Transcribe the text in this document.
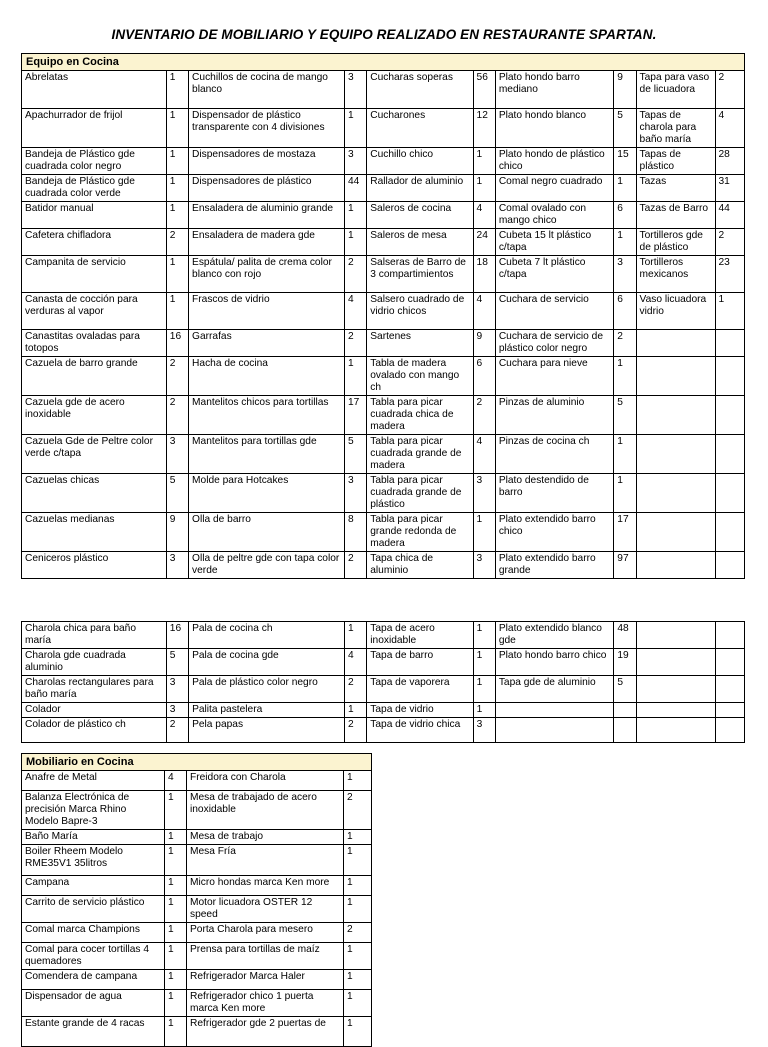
INVENTARIO DE MOBILIARIO Y EQUIPO REALIZADO EN RESTAURANTE SPARTAN.
Equipo en Cocina									
Abrelatas	1	Cuchillos de cocina de mango blanco	3	Cucharas soperas	56	Plato hondo barro mediano	9	Tapa para vaso de licuadora	2
Apachurrador de frijol	1	Dispensador de plástico transparente con 4 divisiones	1	Cucharones	12	Plato hondo blanco	5	Tapas de charola para baño maría	4
Bandeja de Plástico gde cuadrada color negro	1	Dispensadores de mostaza	3	Cuchillo chico	1	Plato hondo de plástico chico	15	Tapas de plástico	28
Bandeja de Plástico gde cuadrada color verde	1	Dispensadores de plástico	44	Rallador de aluminio	1	Comal negro cuadrado	1	Tazas	31
Batidor manual	1	Ensaladera de aluminio grande	1	Saleros de cocina	4	Comal ovalado con mango chico	6	Tazas de Barro	44
Cafetera chifladora	2	Ensaladera de madera gde	1	Saleros de mesa	24	Cubeta 15 lt plástico c/tapa	1	Tortilleros gde de plástico	2
Campanita de servicio	1	Espátula/ palita de crema color blanco con rojo	2	Salseras de Barro de 3 compartimientos	18	Cubeta 7 lt plástico c/tapa	3	Tortilleros mexicanos	23
Canasta de cocción para verduras al vapor	1	Frascos de vidrio	4	Salsero cuadrado de vidrio chicos	4	Cuchara de servicio	6	Vaso licuadora vidrio	1
Canastitas ovaladas para totopos	16	Garrafas	2	Sartenes	9	Cuchara de servicio de plástico color negro	2		
Cazuela de barro grande	2	Hacha de cocina	1	Tabla de madera ovalado con mango ch	6	Cuchara para nieve	1		
Cazuela gde de acero inoxidable	2	Mantelitos chicos para tortillas	17	Tabla para picar cuadrada chica de madera	2	Pinzas de aluminio	5		
Cazuela Gde de Peltre color verde c/tapa	3	Mantelitos para tortillas gde	5	Tabla para picar cuadrada grande de madera	4	Pinzas de cocina ch	1		
Cazuelas chicas	5	Molde para Hotcakes	3	Tabla para picar cuadrada grande de plástico	3	Plato destendido de barro	1		
Cazuelas medianas	9	Olla de barro	8	Tabla para picar grande redonda de madera	1	Plato extendido barro chico	17		
Ceniceros plástico	3	Olla de peltre gde con tapa color verde	2	Tapa chica de aluminio	3	Plato extendido barro grande	97		
Charola chica para baño maría	16	Pala de cocina ch	1	Tapa de acero inoxidable	1	Plato extendido blanco gde	48		
Charola gde cuadrada aluminio	5	Pala de cocina gde	4	Tapa de barro	1	Plato hondo barro chico	19		
Charolas rectangulares para baño maría	3	Pala de plástico color negro	2	Tapa de vaporera	1	Tapa gde de aluminio	5		
Colador	3	Palita pastelera	1	Tapa de vidrio	1				
Colador de plástico ch	2	Pela papas	2	Tapa de vidrio chica	3				
Mobiliario en Cocina			
Anafre de Metal	4	Freidora con Charola	1
Balanza Electrónica de precisión Marca Rhino Modelo Bapre-3	1	Mesa de trabajado de acero inoxidable	2
Baño María	1	Mesa de trabajo	1
Boiler Rheem Modelo RME35V1 35litros	1	Mesa Fría	1
Campana	1	Micro hondas marca Ken more	1
Carrito de servicio plástico	1	Motor licuadora OSTER 12 speed	1
Comal marca Champions	1	Porta Charola para mesero	2
Comal para cocer tortillas 4 quemadores	1	Prensa para tortillas de maíz	1
Comendera de campana	1	Refrigerador Marca Haler	1
Dispensador de agua	1	Refrigerador chico 1 puerta marca Ken more	1
Estante grande de 4 racas	1	Refrigerador gde 2 puertas de	1
